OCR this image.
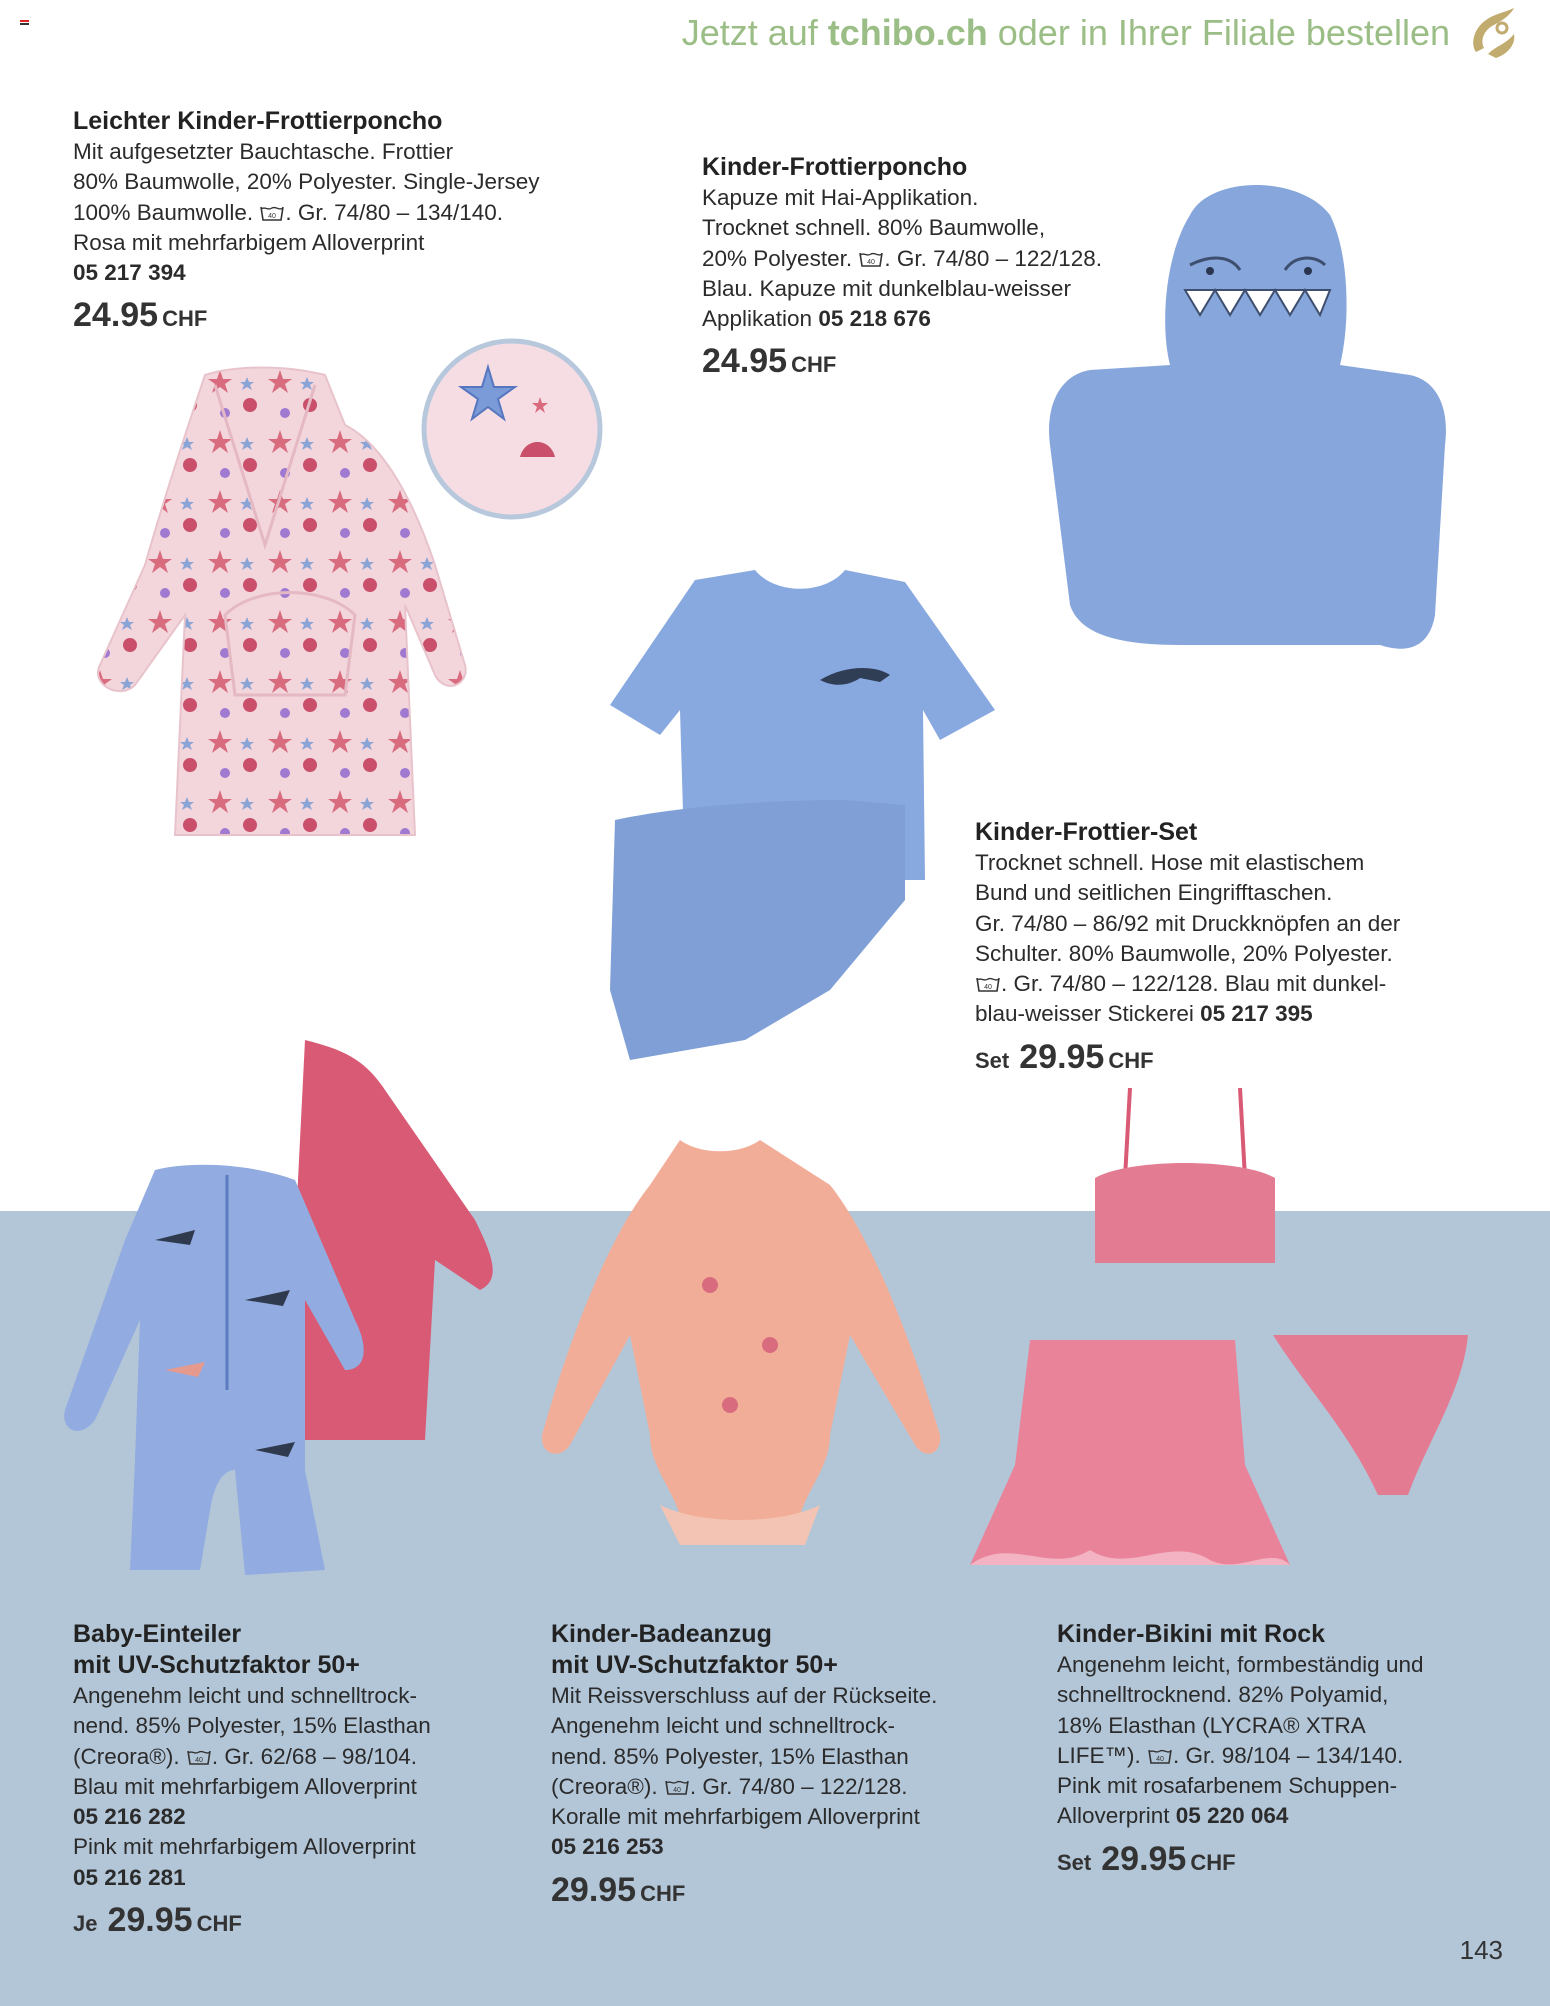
Jetzt auf tchibo.ch oder in Ihrer Filiale bestellen
Leichter Kinder-Frottierponcho
Mit aufgesetzter Bauchtasche. Frottier
80% Baumwolle, 20% Polyester. Single-Jersey
100% Baumwolle. 40 . Gr. 74/80 – 134/140.
Rosa mit mehrfarbigem Alloverprint
05 217 394
24.95 CHF
Kinder-Frottierponcho
Kapuze mit Hai-Applikation.
Trocknet schnell. 80% Baumwolle,
20% Polyester. 40 . Gr. 74/80 – 122/128.
Blau. Kapuze mit dunkelblau-weisser
Applikation 05 218 676
24.95 CHF
Kinder-Frottier-Set
Trocknet schnell. Hose mit elastischem
Bund und seitlichen Eingrifftaschen.
Gr. 74/80 – 86/92 mit Druckknöpfen an der
Schulter. 80% Baumwolle, 20% Polyester.
40 . Gr. 74/80 – 122/128. Blau mit dunkel-
blau-weisser Stickerei 05 217 395
Set 29.95 CHF
Baby-Einteiler
mit UV-Schutzfaktor 50+
Angenehm leicht und schnelltrock-
nend. 85% Polyester, 15% Elasthan
(Creora®). 40 . Gr. 62/68 – 98/104.
Blau mit mehrfarbigem Alloverprint
05 216 282
Pink mit mehrfarbigem Alloverprint
05 216 281
Je 29.95 CHF
Kinder-Badeanzug
mit UV-Schutzfaktor 50+
Mit Reissverschluss auf der Rückseite.
Angenehm leicht und schnelltrock-
nend. 85% Polyester, 15% Elasthan
(Creora®). 40 . Gr. 74/80 – 122/128.
Koralle mit mehrfarbigem Alloverprint
05 216 253
29.95 CHF
Kinder-Bikini mit Rock
Angenehm leicht, formbeständig und
schnelltrocknend. 82% Polyamid,
18% Elasthan (LYCRA® XTRA
LIFE™). 40 . Gr. 98/104 – 134/140.
Pink mit rosafarbenem Schuppen-
Alloverprint 05 220 064
Set 29.95 CHF
143
